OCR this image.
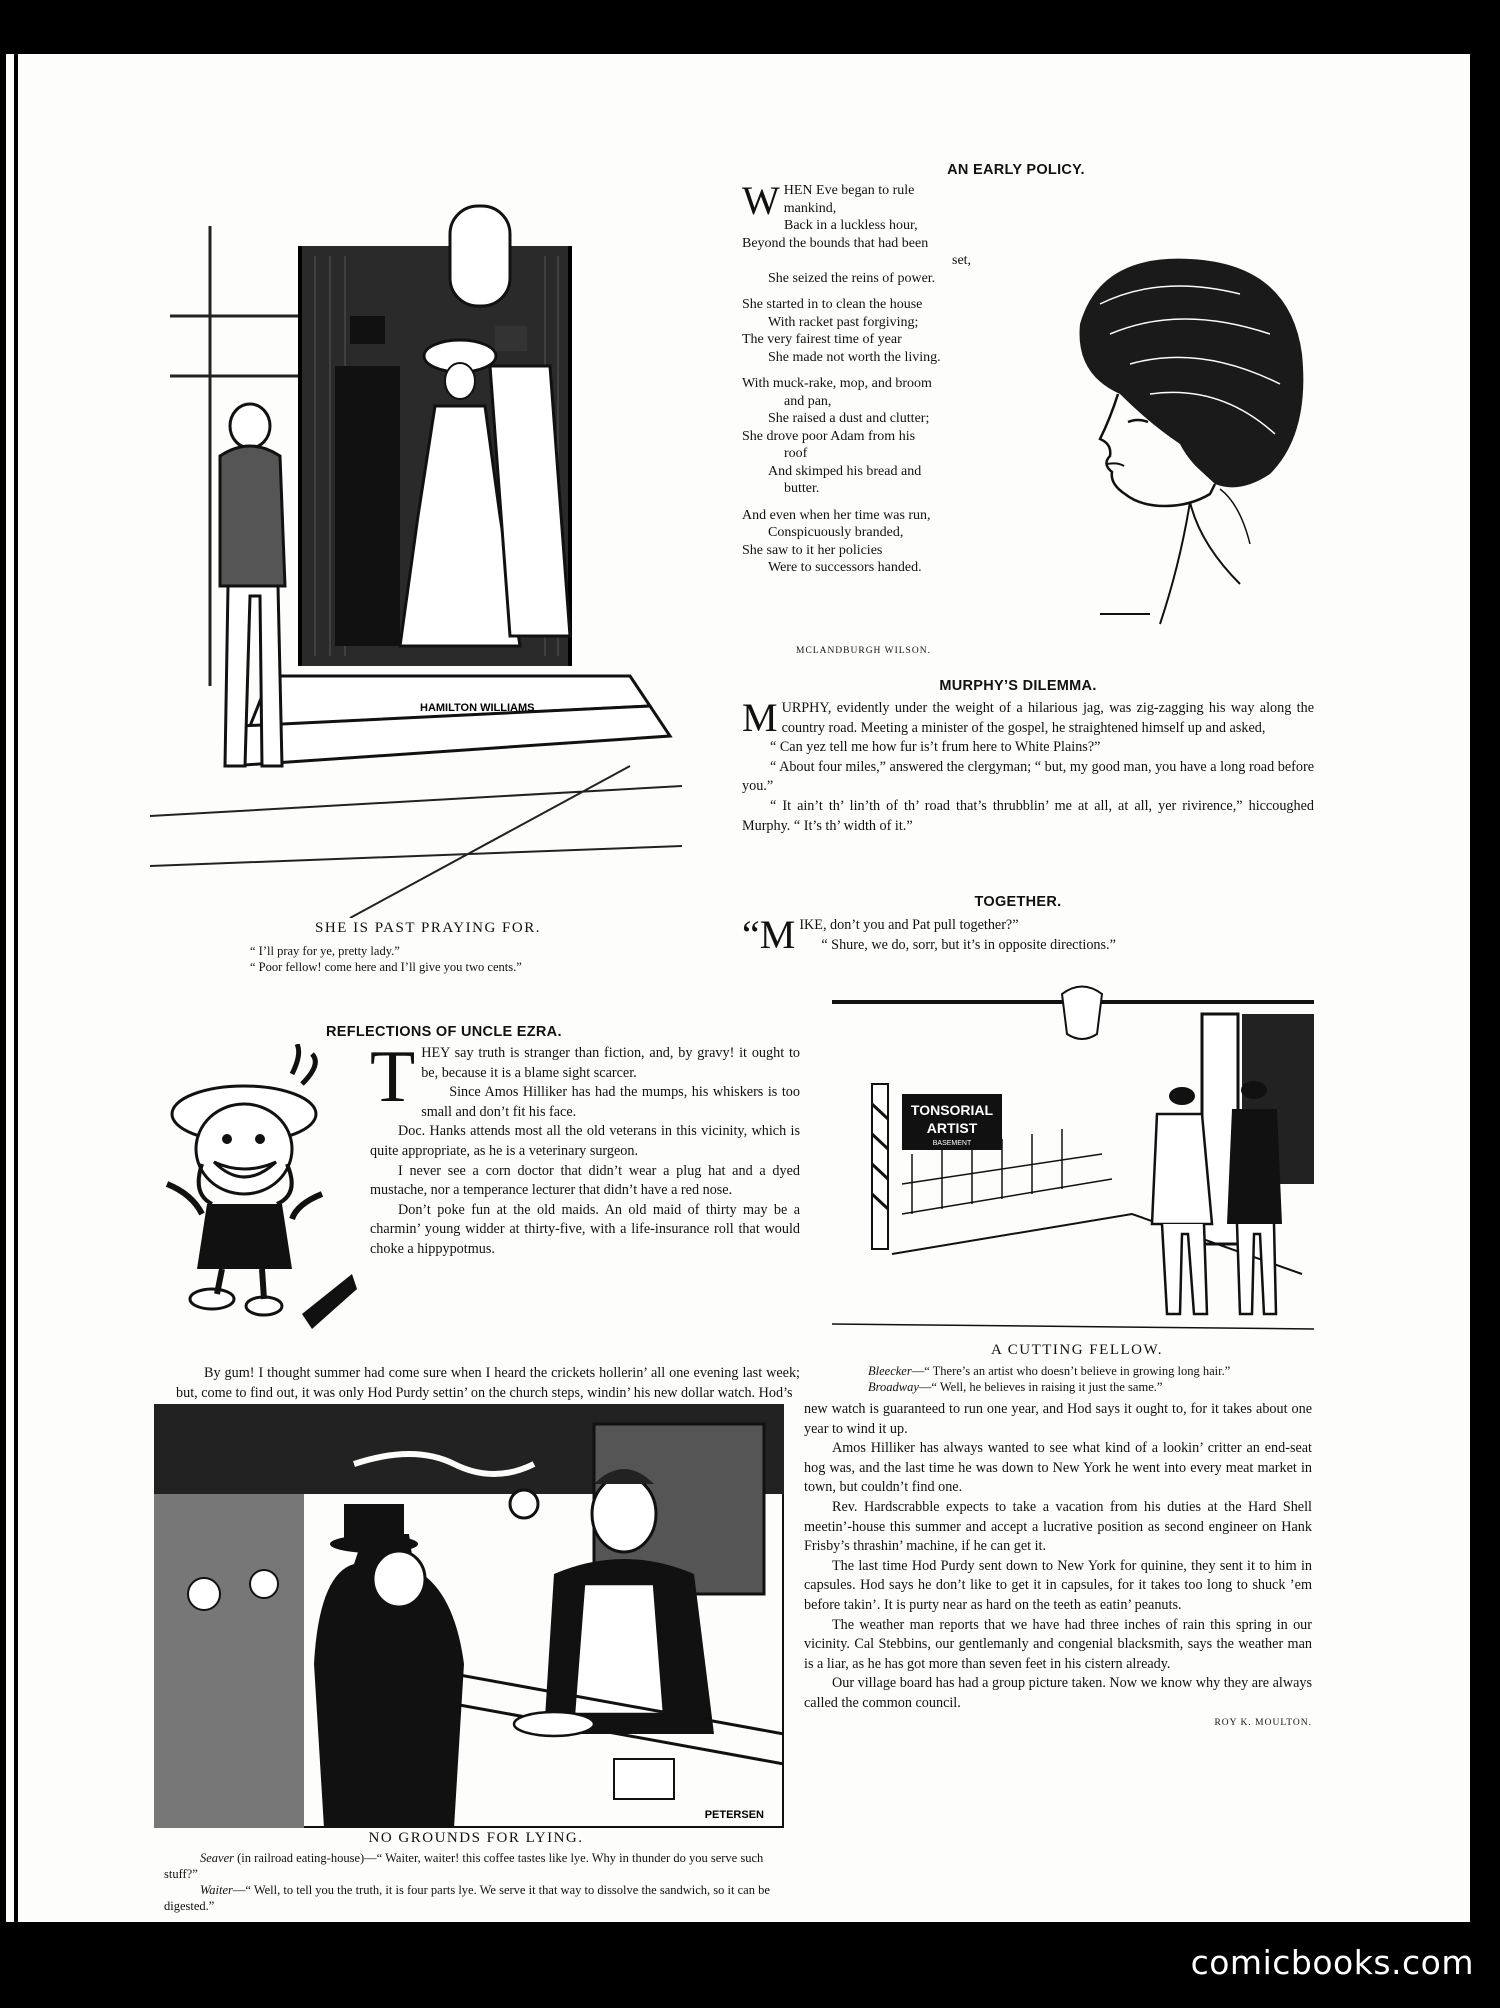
HAMILTON WILLIAMS
SHE IS PAST PRAYING FOR.
“ I’ll pray for ye, pretty lady.”
“ Poor fellow! come here and I’ll give you two cents.”
AN EARLY POLICY.
W HEN Eve began to rule
mankind,
Back in a luckless hour,
Beyond the bounds that had been
set,
She seized the reins of power.
She started in to clean the house
With racket past forgiving;
The very fairest time of year
She made not worth the living.
With muck-rake, mop, and broom
and pan,
She raised a dust and clutter;
She drove poor Adam from his
roof
And skimped his bread and
butter.
And even when her time was run,
Conspicuously branded,
She saw to it her policies
Were to successors handed.
MCLANDBURGH WILSON.
MURPHY’S DILEMMA.

MURPHY, evidently under the weight of a hilarious jag, was zig-zagging his way along the country road. Meeting a minister of the gospel, he straightened himself up and asked,

“ Can yez tell me how fur is’t frum here to White Plains?”

“ About four miles,” answered the clergyman; “ but, my good man, you have a long road before you.”

“ It ain’t th’ lin’th of th’ road that’s thrubblin’ me at all, at all, yer rivirence,” hiccoughed Murphy. “ It’s th’ width of it.”

TOGETHER.

“MIKE, don’t you and Pat pull together?”

“ Shure, we do, sorr, but it’s in opposite directions.”

REFLECTIONS OF UNCLE EZRA.

THEY say truth is stranger than fiction, and, by gravy! it ought to be, because it is a blame sight scarcer.

Since Amos Hilliker has had the mumps, his whiskers is too small and don’t fit his face.

Doc. Hanks attends most all the old veterans in this vicinity, which is quite appropriate, as he is a veterinary surgeon.

I never see a corn doctor that didn’t wear a plug hat and a dyed mustache, nor a temperance lecturer that didn’t have a red nose.

Don’t poke fun at the old maids. An old maid of thirty may be a charmin’ young widder at thirty-five, with a life-insurance roll that would choke a hippypotmus.

By gum! I thought summer had come sure when I heard the crickets hollerin’ all one evening last week; but, come to find out, it was only Hod Purdy settin’ on the church steps, windin’ his new dollar watch. Hod’s

TONSORIAL
ARTIST
BASEMENT
A CUTTING FELLOW.
Bleecker—“ There’s an artist who doesn’t believe in growing long hair.”
Broadway—“ Well, he believes in raising it just the same.”
PETERSEN
NO GROUNDS FOR LYING.
Seaver (in railroad eating-house)—“ Waiter, waiter! this coffee tastes like lye. Why in thunder do you serve such stuff?”
Waiter—“ Well, to tell you the truth, it is four parts lye. We serve it that way to dissolve the sandwich, so it can be digested.”

new watch is guaranteed to run one year, and Hod says it ought to, for it takes about one year to wind it up.

Amos Hilliker has always wanted to see what kind of a lookin’ critter an end-seat hog was, and the last time he was down to New York he went into every meat market in town, but couldn’t find one.

Rev. Hardscrabble expects to take a vacation from his duties at the Hard Shell meetin’-house this summer and accept a lucrative position as second engineer on Hank Frisby’s thrashin’ machine, if he can get it.

The last time Hod Purdy sent down to New York for quinine, they sent it to him in capsules. Hod says he don’t like to get it in capsules, for it takes too long to shuck ’em before takin’. It is purty near as hard on the teeth as eatin’ peanuts.

The weather man reports that we have had three inches of rain this spring in our vicinity. Cal Stebbins, our gentlemanly and congenial blacksmith, says the weather man is a liar, as he has got more than seven feet in his cistern already.

Our village board has had a group picture taken. Now we know why they are always called the common council.

ROY K. MOULTON.
comicbooks.com
